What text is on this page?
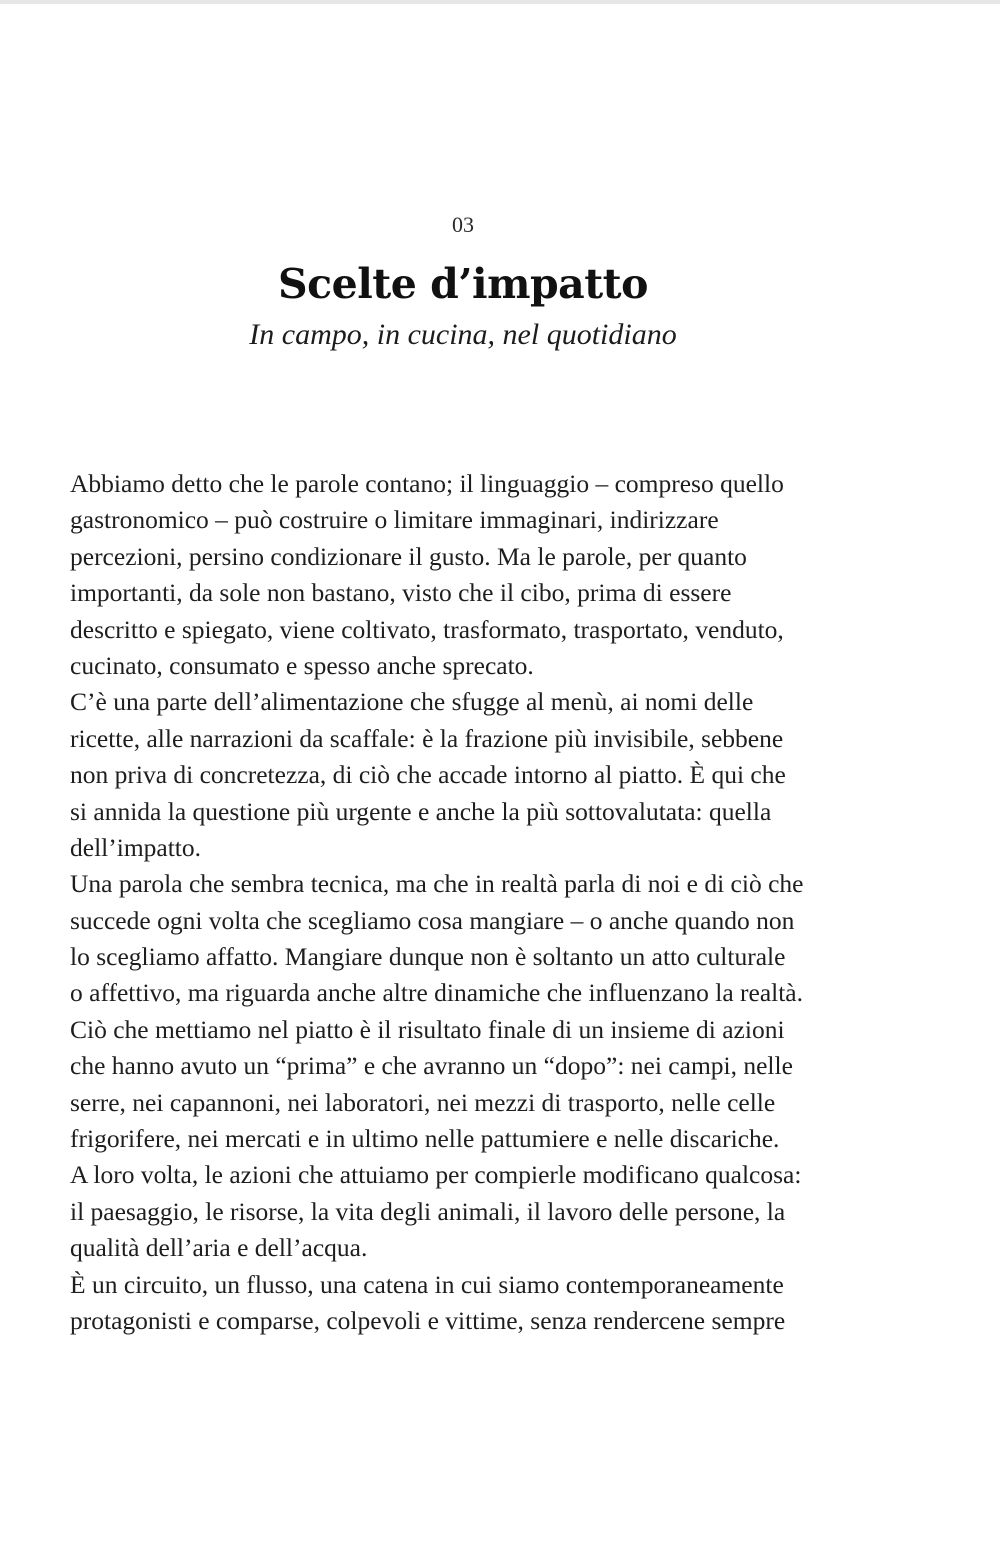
03
Scelte d’impatto
In campo, in cucina, nel quotidiano
Abbiamo detto che le parole contano; il linguaggio – compreso quello
gastronomico – può costruire o limitare immaginari, indirizzare
percezioni, persino condizionare il gusto. Ma le parole, per quanto
importanti, da sole non bastano, visto che il cibo, prima di essere
descritto e spiegato, viene coltivato, trasformato, trasportato, venduto,
cucinato, consumato e spesso anche sprecato.
C’è una parte dell’alimentazione che sfugge al menù, ai nomi delle
ricette, alle narrazioni da scaffale: è la frazione più invisibile, sebbene
non priva di concretezza, di ciò che accade intorno al piatto. È qui che
si annida la questione più urgente e anche la più sottovalutata: quella
dell’impatto.
Una parola che sembra tecnica, ma che in realtà parla di noi e di ciò che
succede ogni volta che scegliamo cosa mangiare – o anche quando non
lo scegliamo affatto. Mangiare dunque non è soltanto un atto culturale
o affettivo, ma riguarda anche altre dinamiche che influenzano la realtà.
Ciò che mettiamo nel piatto è il risultato finale di un insieme di azioni
che hanno avuto un “prima” e che avranno un “dopo”: nei campi, nelle
serre, nei capannoni, nei laboratori, nei mezzi di trasporto, nelle celle
frigorifere, nei mercati e in ultimo nelle pattumiere e nelle discariche.
A loro volta, le azioni che attuiamo per compierle modificano qualcosa:
il paesaggio, le risorse, la vita degli animali, il lavoro delle persone, la
qualità dell’aria e dell’acqua.
È un circuito, un flusso, una catena in cui siamo contemporaneamente
protagonisti e comparse, colpevoli e vittime, senza rendercene sempre
